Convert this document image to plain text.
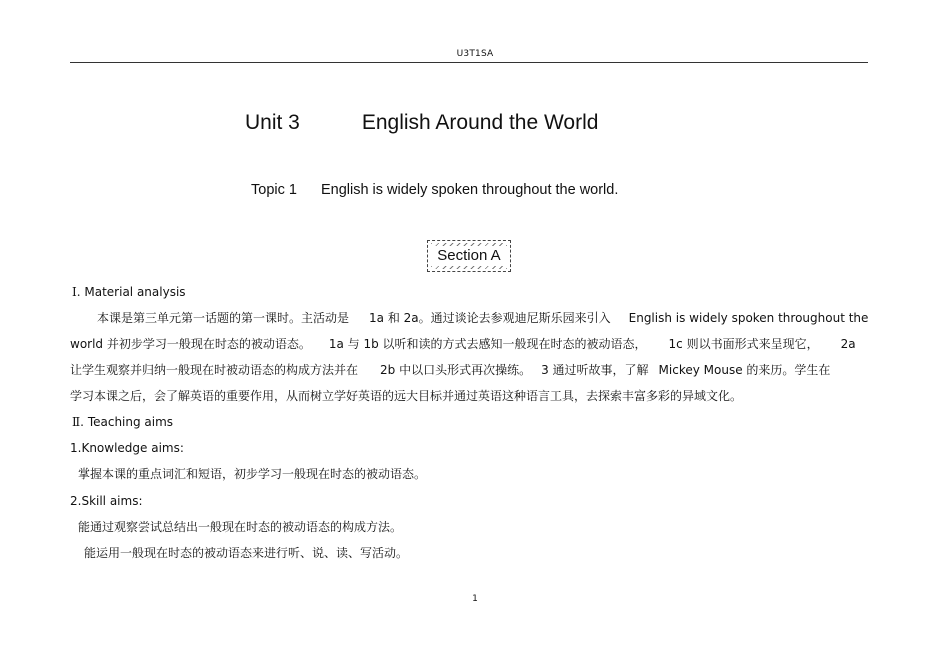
U3T1SA
Unit 3	English Around the World
Topic 1 English is widely spoken throughout the world.
Section A
Ⅰ. Material analysis
本课是第三单元第一话题的第一课时。主活动是 1a 和 2a。通过谈论去参观迪尼斯乐园来引入 English is widely spoken throughout the
world 并初步学习一般现在时态的被动语态。 1a 与 1b 以听和读的方式去感知一般现在时态的被动语态， 1c 则以书面形式来呈现它， 2a
让学生观察并归纳一般现在时被动语态的构成方法并在 2b 中以口头形式再次操练。 3 通过听故事，了解 Mickey Mouse 的来历。学生在
学习本课之后，会了解英语的重要作用，从而树立学好英语的远大目标并通过英语这种语言工具，去探索丰富多彩的异域文化。
Ⅱ. Teaching aims
1.Knowledge aims:
掌握本课的重点词汇和短语，初步学习一般现在时态的被动语态。
2.Skill aims:
能通过观察尝试总结出一般现在时态的被动语态的构成方法。
能运用一般现在时态的被动语态来进行听、说、读、写活动。
1
